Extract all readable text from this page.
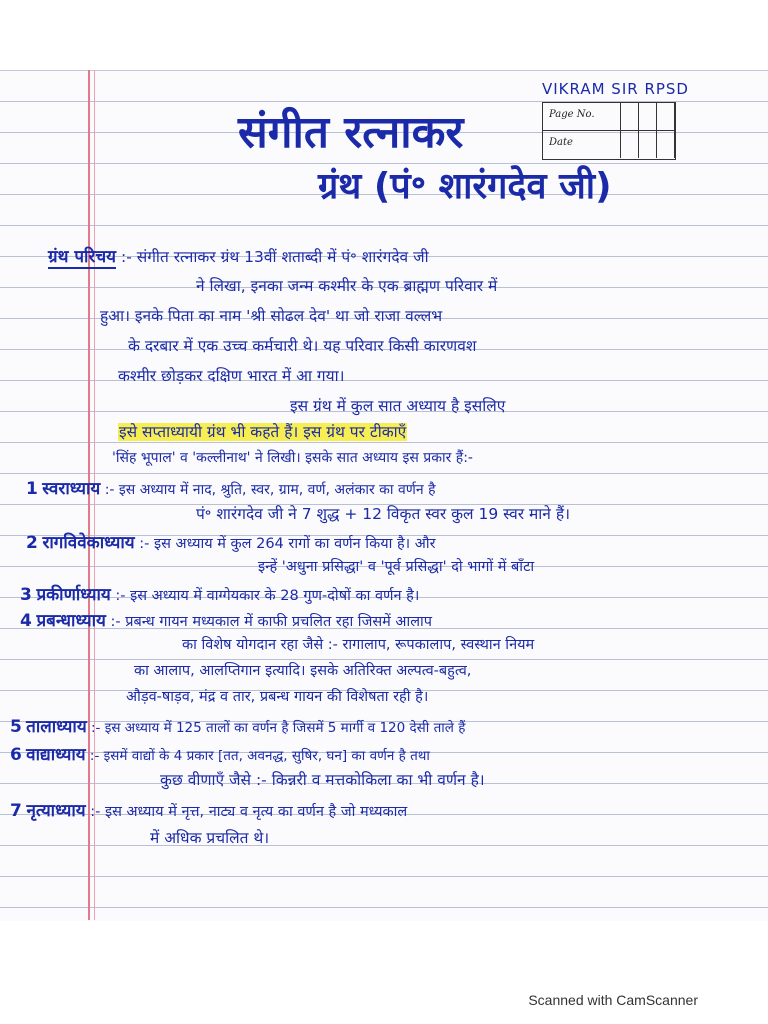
संगीत रत्नाकर
ग्रंथ (पं॰ शारंगदेव जी)
VIKRAM SIR RPSD
Page No.
Date
ग्रंथ परिचय :- संगीत रत्नाकर ग्रंथ 13वीं शताब्दी में पं॰ शारंगदेव जी
ने लिखा, इनका जन्म कश्मीर के एक ब्राह्मण परिवार में
हुआ। इनके पिता का नाम 'श्री सोढल देव' था जो राजा वल्लभ
के दरबार में एक उच्च कर्मचारी थे। यह परिवार किसी कारणवश
कश्मीर छोड़कर दक्षिण भारत में आ गया।
इस ग्रंथ में कुल सात अध्याय है इसलिए
इसे सप्ताध्यायी ग्रंथ भी कहते हैं। इस ग्रंथ पर टीकाएँ
'सिंह भूपाल' व 'कल्लीनाथ' ने लिखी। इसके सात अध्याय इस प्रकार हैं:-
1 स्वराध्याय :- इस अध्याय में नाद, श्रुति, स्वर, ग्राम, वर्ण, अलंकार का वर्णन है
पं॰ शारंगदेव जी ने 7 शुद्ध + 12 विकृत स्वर कुल 19 स्वर माने हैं।
2 रागविवेकाध्याय :- इस अध्याय में कुल 264 रागों का वर्णन किया है। और
इन्हें 'अधुना प्रसिद्धा' व 'पूर्व प्रसिद्धा' दो भागों में बाँटा
3 प्रकीर्णाध्याय :- इस अध्याय में वाग्गेयकार के 28 गुण-दोषों का वर्णन है।
4 प्रबन्धाध्याय :- प्रबन्ध गायन मध्यकाल में काफी प्रचलित रहा जिसमें आलाप
का विशेष योगदान रहा जैसे :- रागालाप, रूपकालाप, स्वस्थान नियम
का आलाप, आलप्तिगान इत्यादि। इसके अतिरिक्त अल्पत्व-बहुत्व,
औड़व-षाड़व, मंद्र व तार, प्रबन्ध गायन की विशेषता रही है।
5 तालाध्याय :- इस अध्याय में 125 तालों का वर्णन है जिसमें 5 मार्गी व 120 देसी ताले हैं
6 वाद्याध्याय :- इसमें वाद्यों के 4 प्रकार [तत, अवनद्ध, सुषिर, घन] का वर्णन है तथा
कुछ वीणाएँ जैसे :- किन्नरी व मत्तकोकिला का भी वर्णन है।
7 नृत्याध्याय :- इस अध्याय में नृत्त, नाट्य व नृत्य का वर्णन है जो मध्यकाल
में अधिक प्रचलित थे।
Scanned with CamScanner
